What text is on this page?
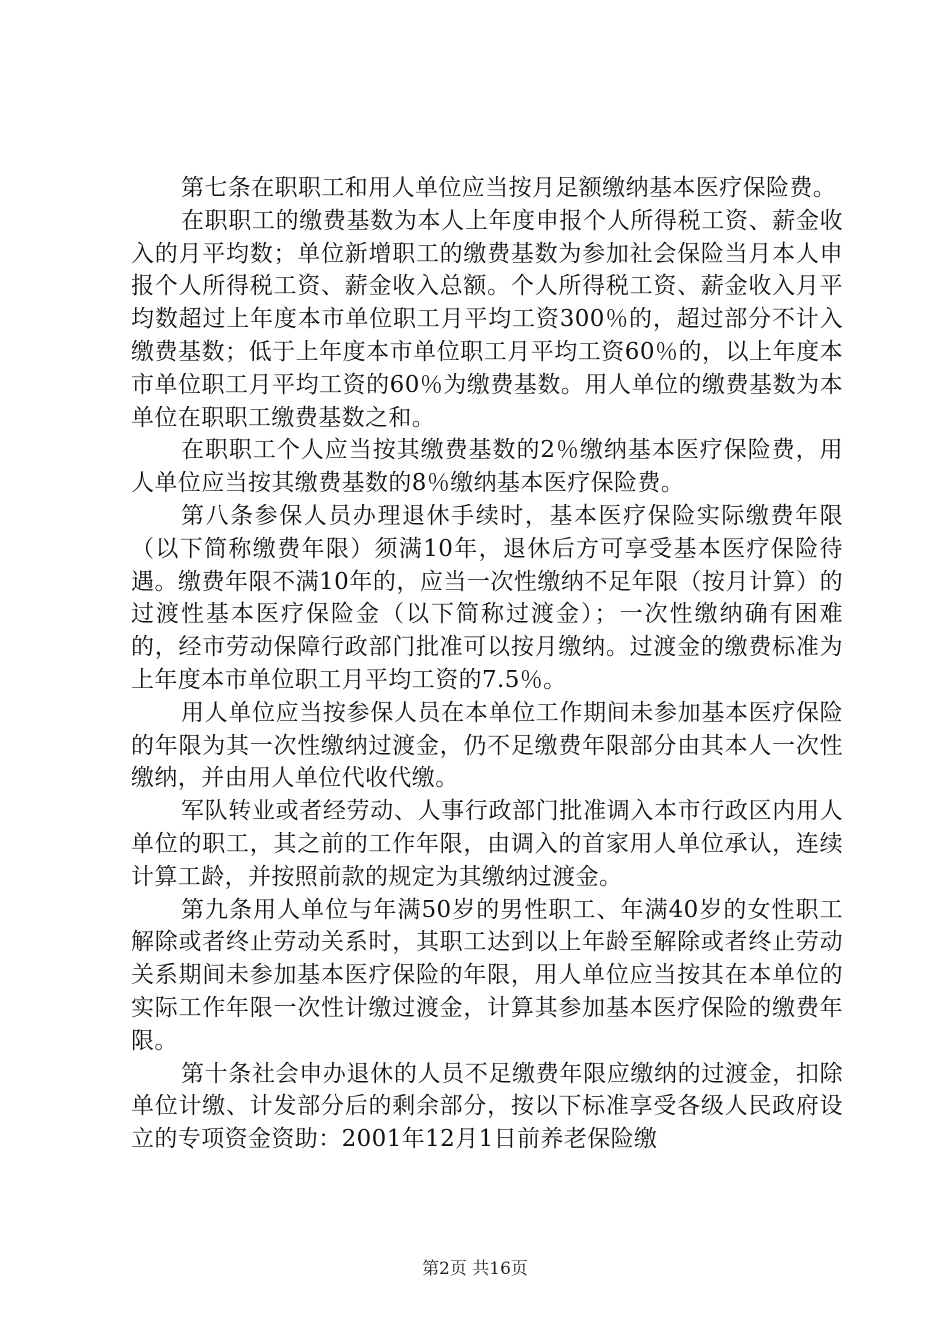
第七条在职职工和用人单位应当按月足额缴纳基本医疗保险费。

在职职工的缴费基数为本人上年度申报个人所得税工资、薪金收入的月平均数；单位新增职工的缴费基数为参加社会保险当月本人申报个人所得税工资、薪金收入总额。个人所得税工资、薪金收入月平均数超过上年度本市单位职工月平均工资300％的，超过部分不计入缴费基数；低于上年度本市单位职工月平均工资60％的，以上年度本市单位职工月平均工资的60％为缴费基数。用人单位的缴费基数为本单位在职职工缴费基数之和。

在职职工个人应当按其缴费基数的2％缴纳基本医疗保险费，用人单位应当按其缴费基数的8％缴纳基本医疗保险费。

第八条参保人员办理退休手续时，基本医疗保险实际缴费年限（以下简称缴费年限）须满10年，退休后方可享受基本医疗保险待遇。缴费年限不满10年的，应当一次性缴纳不足年限（按月计算）的过渡性基本医疗保险金（以下简称过渡金）；一次性缴纳确有困难的，经市劳动保障行政部门批准可以按月缴纳。过渡金的缴费标准为上年度本市单位职工月平均工资的7.5％。

用人单位应当按参保人员在本单位工作期间未参加基本医疗保险的年限为其一次性缴纳过渡金，仍不足缴费年限部分由其本人一次性缴纳，并由用人单位代收代缴。

军队转业或者经劳动、人事行政部门批准调入本市行政区内用人单位的职工，其之前的工作年限，由调入的首家用人单位承认，连续计算工龄，并按照前款的规定为其缴纳过渡金。

第九条用人单位与年满50岁的男性职工、年满40岁的女性职工解除或者终止劳动关系时，其职工达到以上年龄至解除或者终止劳动关系期间未参加基本医疗保险的年限，用人单位应当按其在本单位的实际工作年限一次性计缴过渡金，计算其参加基本医疗保险的缴费年限。

第十条社会申办退休的人员不足缴费年限应缴纳的过渡金，扣除单位计缴、计发部分后的剩余部分，按以下标准享受各级人民政府设立的专项资金资助：2001年12月1日前养老保险缴

第2页 共16页
